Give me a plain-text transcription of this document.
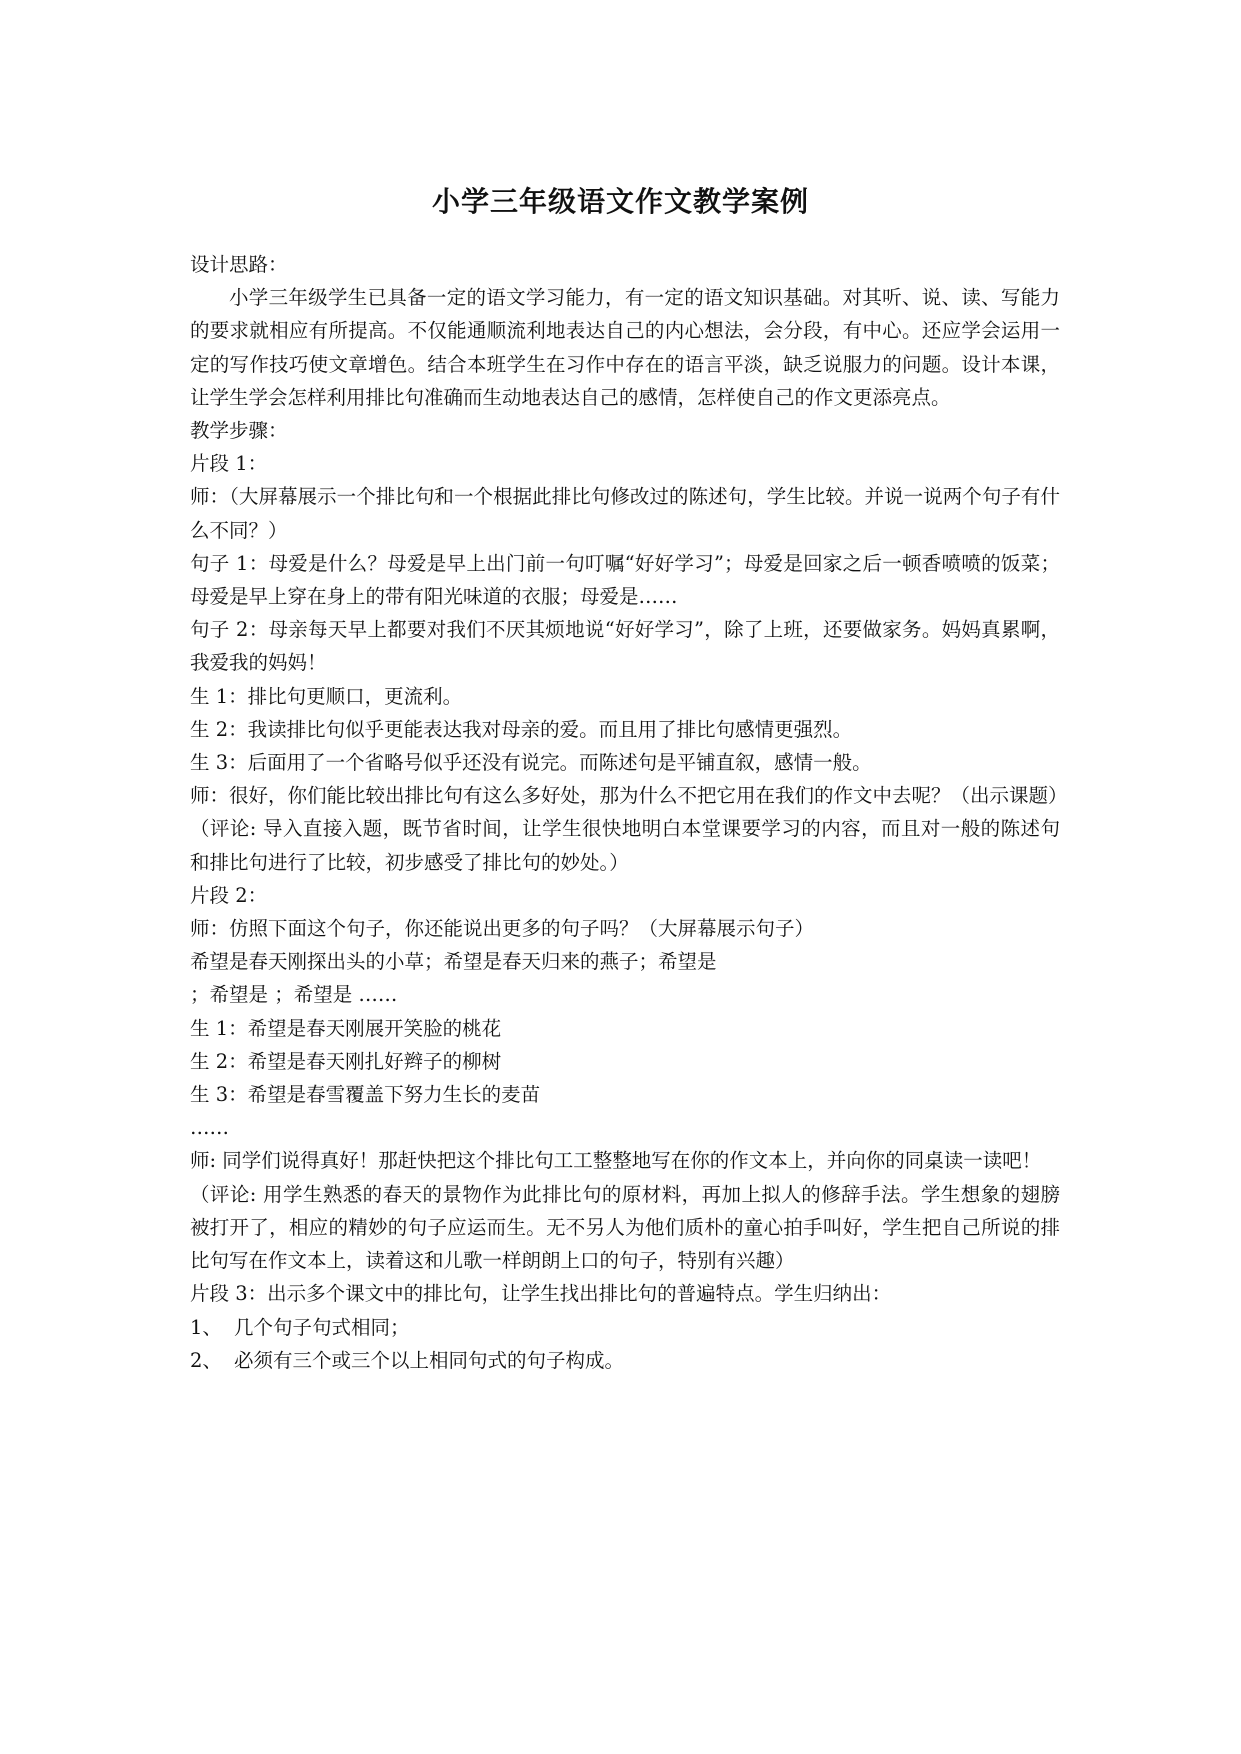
小学三年级语文作文教学案例

设计思路：

小学三年级学生已具备一定的语文学习能力，有一定的语文知识基础。对其听、说、读、写能力的要求就相应有所提高。不仅能通顺流利地表达自己的内心想法，会分段，有中心。还应学会运用一定的写作技巧使文章增色。结合本班学生在习作中存在的语言平淡，缺乏说服力的问题。设计本课，让学生学会怎样利用排比句准确而生动地表达自己的感情，怎样使自己的作文更添亮点。

教学步骤：

片段 1：

师：（大屏幕展示一个排比句和一个根据此排比句修改过的陈述句，学生比较。并说一说两个句子有什么不同？）

句子 1：母爱是什么？母爱是早上出门前一句叮嘱“好好学习”；母爱是回家之后一顿香喷喷的饭菜；母爱是早上穿在身上的带有阳光味道的衣服；母爱是……

句子 2：母亲每天早上都要对我们不厌其烦地说“好好学习”，除了上班，还要做家务。妈妈真累啊，我爱我的妈妈！

生 1：排比句更顺口，更流利。

生 2：我读排比句似乎更能表达我对母亲的爱。而且用了排比句感情更强烈。

生 3：后面用了一个省略号似乎还没有说完。而陈述句是平铺直叙，感情一般。

师：很好，你们能比较出排比句有这么多好处，那为什么不把它用在我们的作文中去呢？（出示课题）

（评论: 导入直接入题，既节省时间，让学生很快地明白本堂课要学习的内容，而且对一般的陈述句和排比句进行了比较，初步感受了排比句的妙处。）

片段 2：

师：仿照下面这个句子，你还能说出更多的句子吗？（大屏幕展示句子）

希望是春天刚探出头的小草；希望是春天归来的燕子；希望是

；希望是 ；希望是 ……

生 1：希望是春天刚展开笑脸的桃花

生 2：希望是春天刚扎好辫子的柳树

生 3：希望是春雪覆盖下努力生长的麦苗

……

师: 同学们说得真好！那赶快把这个排比句工工整整地写在你的作文本上，并向你的同桌读一读吧！

（评论: 用学生熟悉的春天的景物作为此排比句的原材料，再加上拟人的修辞手法。学生想象的翅膀被打开了，相应的精妙的句子应运而生。无不另人为他们质朴的童心拍手叫好，学生把自己所说的排比句写在作文本上，读着这和儿歌一样朗朗上口的句子，特别有兴趣）

片段 3：出示多个课文中的排比句，让学生找出排比句的普遍特点。学生归纳出：

1、 几个句子句式相同；
2、 必须有三个或三个以上相同句式的句子构成。
